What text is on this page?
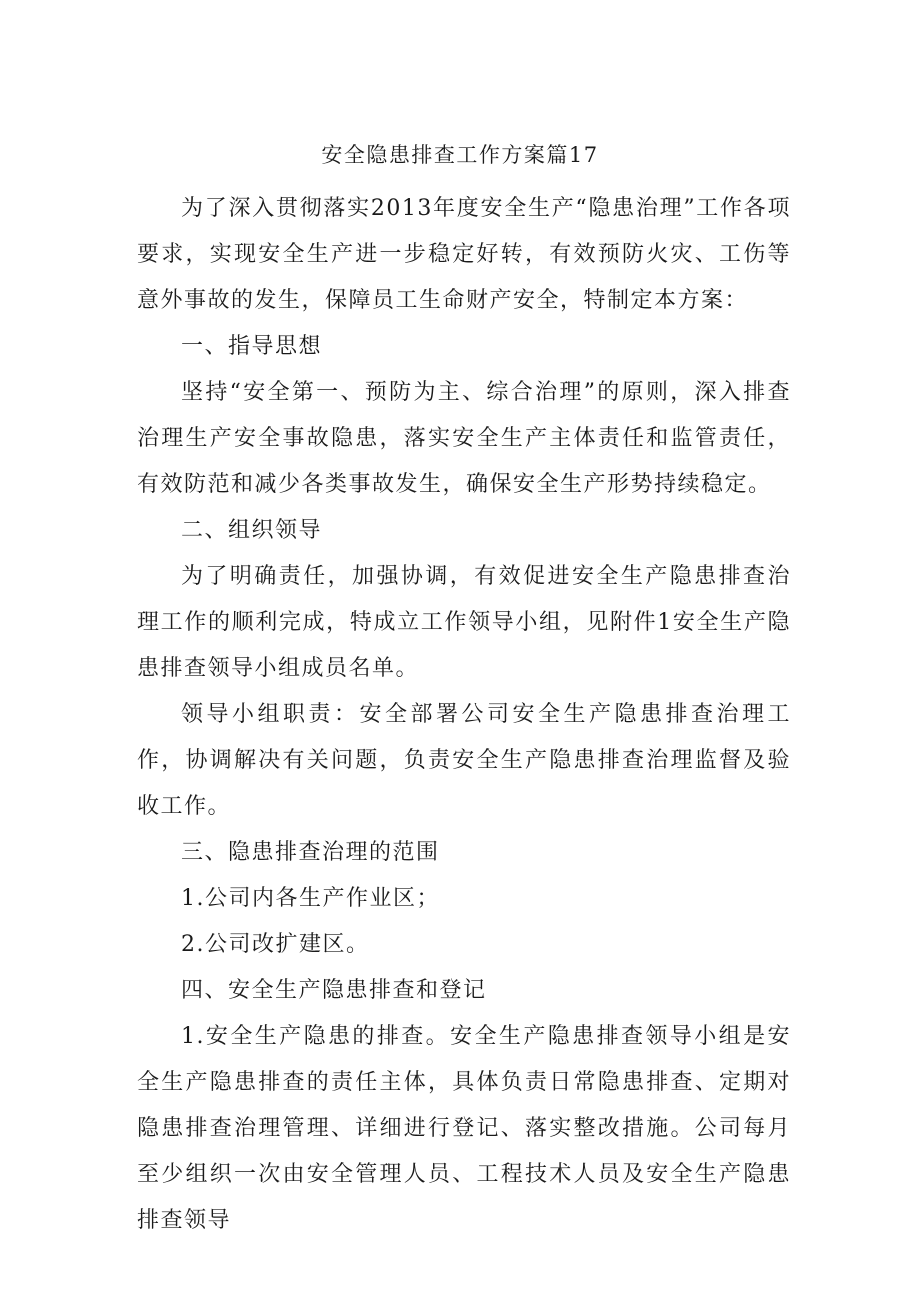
安全隐患排查工作方案篇17

为了深入贯彻落实2013年度安全生产“隐患治理”工作各项要求，实现安全生产进一步稳定好转，有效预防火灾、工伤等意外事故的发生，保障员工生命财产安全，特制定本方案：

一、指导思想

坚持“安全第一、预防为主、综合治理”的原则，深入排查治理生产安全事故隐患，落实安全生产主体责任和监管责任，有效防范和减少各类事故发生，确保安全生产形势持续稳定。

二、组织领导

为了明确责任，加强协调，有效促进安全生产隐患排查治理工作的顺利完成，特成立工作领导小组，见附件1安全生产隐患排查领导小组成员名单。

领导小组职责：安全部署公司安全生产隐患排查治理工作，协调解决有关问题，负责安全生产隐患排查治理监督及验收工作。

三、隐患排查治理的范围

1.公司内各生产作业区；

2.公司改扩建区。

四、安全生产隐患排查和登记

1.安全生产隐患的排查。安全生产隐患排查领导小组是安全生产隐患排查的责任主体，具体负责日常隐患排查、定期对隐患排查治理管理、详细进行登记、落实整改措施。公司每月至少组织一次由安全管理人员、工程技术人员及安全生产隐患排查领导
